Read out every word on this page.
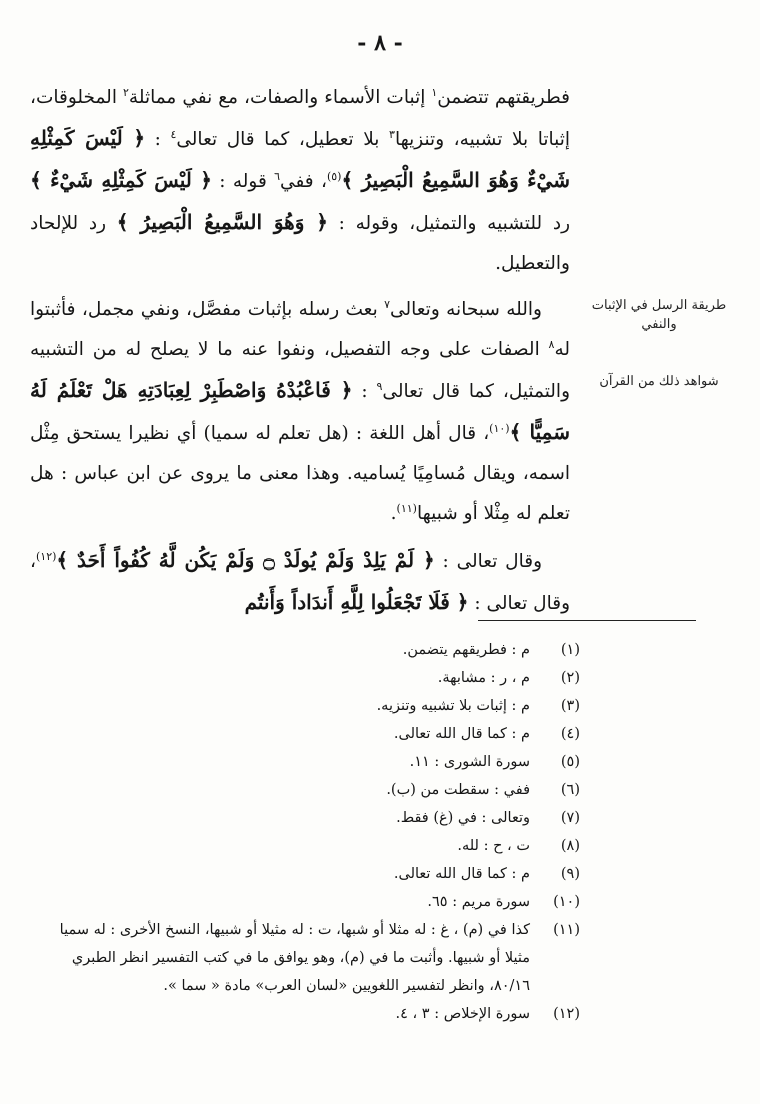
- ٨ -

فطريقتهم تتضمن$^١$ إثبات الأسماء والصفات، مع نفي مماثلة$^٢$ المخلوقات، إثباتا بلا تشبيه، وتنزيها$^٣$ بلا تعطيل، كما قال تعالى$^٤$ : ﴿ لَيْسَ كَمِثْلِهِ شَيْءٌ وَهُوَ السَّمِيعُ الْبَصِيرُ ﴾$^{(٥)}$، ففي$^٦$ قوله : ﴿ لَيْسَ كَمِثْلِهِ شَيْءٌ ﴾ رد للتشبيه والتمثيل، وقوله : ﴿ وَهُوَ السَّمِيعُ الْبَصِيرُ ﴾ رد للإلحاد والتعطيل.

والله سبحانه وتعالى$^٧$ بعث رسله بإثبات مفصَّل، ونفي مجمل، فأثبتوا له$^٨$ الصفات على وجه التفصيل، ونفوا عنه ما لا يصلح له من التشبيه والتمثيل، كما قال تعالى$^٩$ : ﴿ فَاعْبُدْهُ وَاصْطَبِرْ لِعِبَادَتِهِ هَلْ تَعْلَمُ لَهُ سَمِيًّا ﴾$^{(١٠)}$، قال أهل اللغة : (هل تعلم له سميا) أي نظيرا يستحق مِثْل اسمه، ويقال مُسامِيًا يُساميه. وهذا معنى ما يروى عن ابن عباس : هل تعلم له مِثْلا أو شبيها$^{(١١)}$.

وقال تعالى : ﴿ لَمْ يَلِدْ وَلَمْ يُولَدْ ۝ وَلَمْ يَكُن لَّهُ كُفُواً أَحَدٌ ﴾$^{(١٢)}$، وقال تعالى : ﴿ فَلَا تَجْعَلُوا لِلَّهِ أَندَاداً وَأَنتُم

طريقة الرسل في الإثبات والنفي
شواهد ذلك من القرآن
(١)
م : فطريقهم يتضمن.
(٢)
م ، ر : مشابهة.
(٣)
م : إثبات بلا تشبيه وتنزيه.
(٤)
م : كما قال الله تعالى.
(٥)
سورة الشورى : ١١.
(٦)
ففي : سقطت من (ب).
(٧)
وتعالى : في (غ) فقط.
(٨)
ت ، ح : لله.
(٩)
م : كما قال الله تعالى.
(١٠)
سورة مريم : ٦٥.
(١١)
كذا في (م) ، غ : له مثلا أو شبها، ت : له مثيلا أو شبيها، النسخ الأخرى : له سميا مثيلا أو شبيها. وأثبت ما في (م)، وهو يوافق ما في كتب التفسير انظر الطبري ٨٠/١٦، وانظر لتفسير اللغويين «لسان العرب» مادة « سما ».
(١٢)
سورة الإخلاص : ٣ ، ٤.
